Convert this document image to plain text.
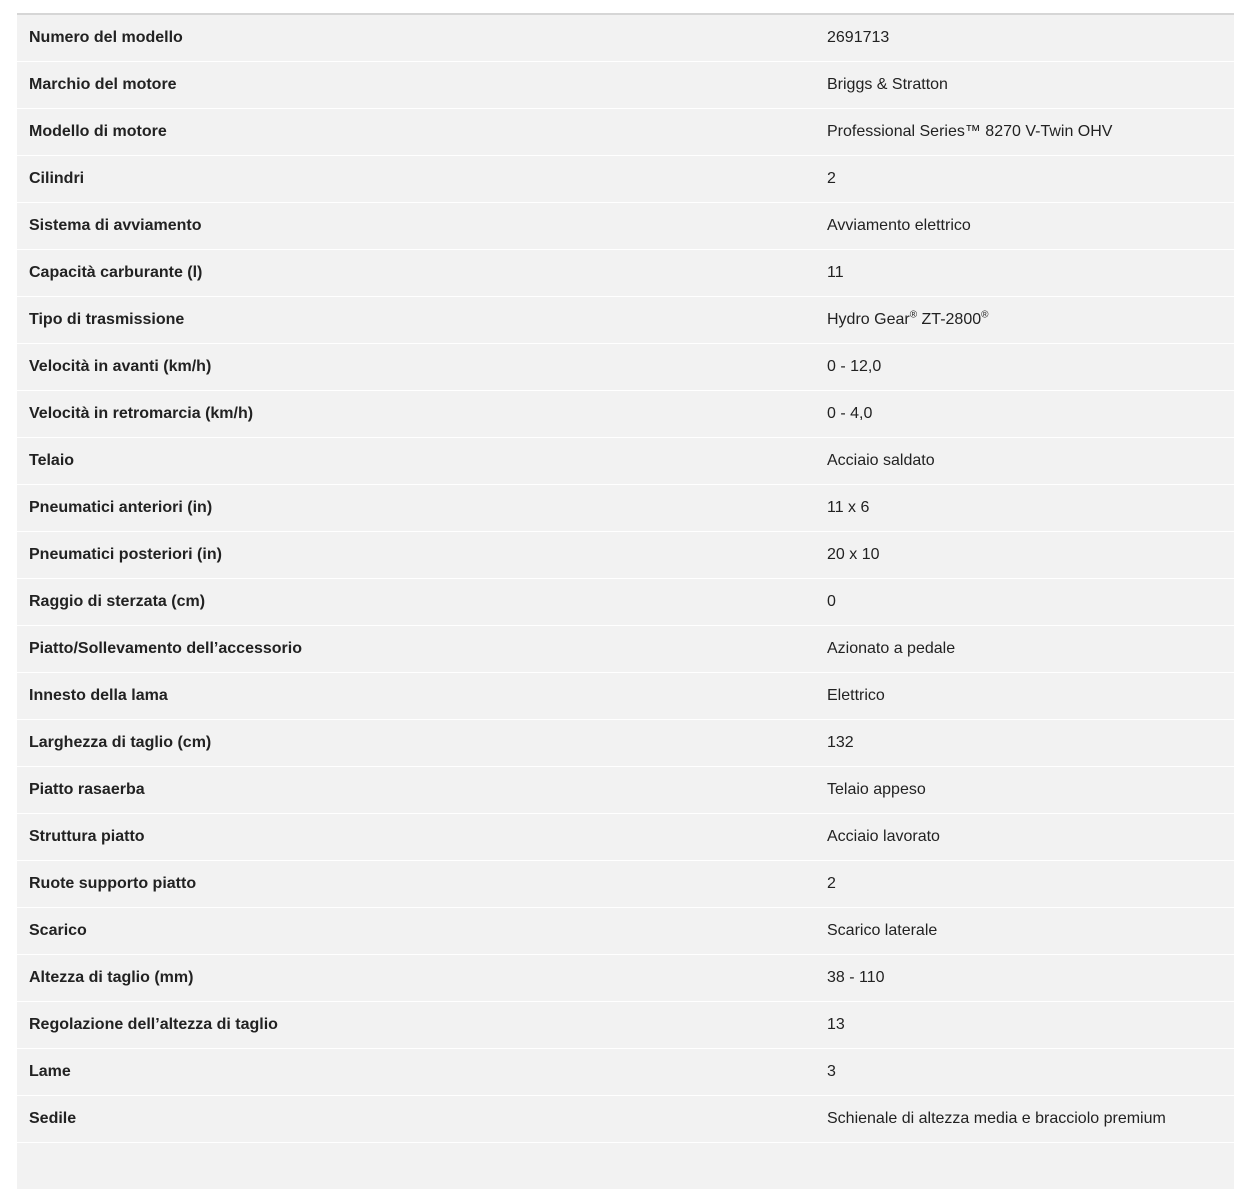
Numero del modello	2691713
Marchio del motore	Briggs & Stratton
Modello di motore	Professional Series™ 8270 V-Twin OHV
Cilindri	2
Sistema di avviamento	Avviamento elettrico
Capacità carburante (l)	11
Tipo di trasmissione	Hydro Gear® ZT-2800®
Velocità in avanti (km/h)	0 - 12,0
Velocità in retromarcia (km/h)	0 - 4,0
Telaio	Acciaio saldato
Pneumatici anteriori (in)	11 x 6
Pneumatici posteriori (in)	20 x 10
Raggio di sterzata (cm)	0
Piatto/Sollevamento dell’accessorio	Azionato a pedale
Innesto della lama	Elettrico
Larghezza di taglio (cm)	132
Piatto rasaerba	Telaio appeso
Struttura piatto	Acciaio lavorato
Ruote supporto piatto	2
Scarico	Scarico laterale
Altezza di taglio (mm)	38 - 110
Regolazione dell’altezza di taglio	13
Lame	3
Sedile	Schienale di altezza media e bracciolo premium
